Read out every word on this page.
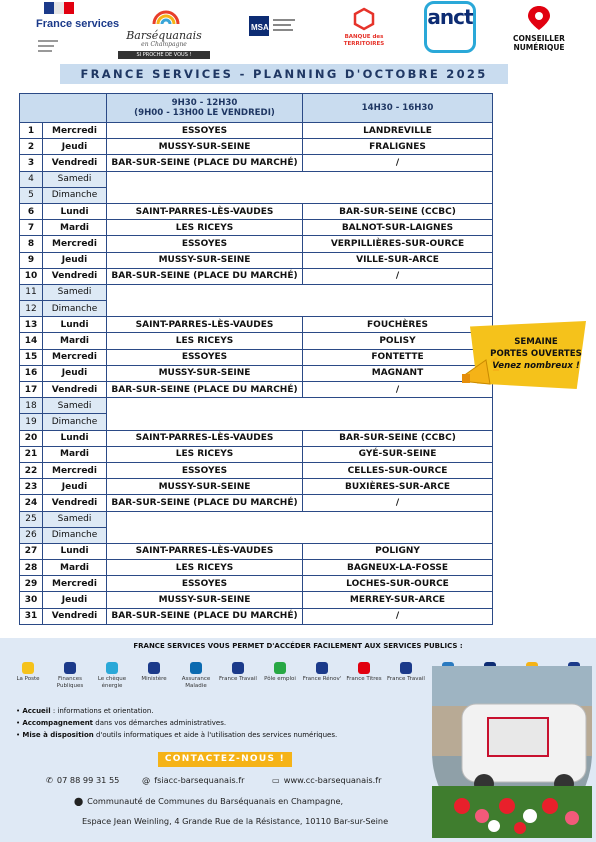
France services
Barséquanais
en Champagne
SI PROCHE DE VOUS !
MSA
BANQUE des TERRITOIRES
anct
CONSEILLER NUMÉRIQUE
FRANCE SERVICES - PLANNING D'OCTOBRE 2025
		9H30 - 12H30
(9H00 - 13H00 LE VENDREDI)	14H30 - 16H30
1	Mercredi	ESSOYES	LANDREVILLE
2	Jeudi	MUSSY-SUR-SEINE	FRALIGNES
3	Vendredi	BAR-SUR-SEINE (PLACE DU MARCHÉ)	/
4	Samedi		
5	Dimanche		
6	Lundi	SAINT-PARRES-LÈS-VAUDES	BAR-SUR-SEINE (CCBC)
7	Mardi	LES RICEYS	BALNOT-SUR-LAIGNES
8	Mercredi	ESSOYES	VERPILLIÈRES-SUR-OURCE
9	Jeudi	MUSSY-SUR-SEINE	VILLE-SUR-ARCE
10	Vendredi	BAR-SUR-SEINE (PLACE DU MARCHÉ)	/
11	Samedi		
12	Dimanche		
13	Lundi	SAINT-PARRES-LÈS-VAUDES	FOUCHÈRES
14	Mardi	LES RICEYS	POLISY
15	Mercredi	ESSOYES	FONTETTE
16	Jeudi	MUSSY-SUR-SEINE	MAGNANT
17	Vendredi	BAR-SUR-SEINE (PLACE DU MARCHÉ)	/
18	Samedi		
19	Dimanche		
20	Lundi	SAINT-PARRES-LÈS-VAUDES	BAR-SUR-SEINE (CCBC)
21	Mardi	LES RICEYS	GYÉ-SUR-SEINE
22	Mercredi	ESSOYES	CELLES-SUR-OURCE
23	Jeudi	MUSSY-SUR-SEINE	BUXIÈRES-SUR-ARCE
24	Vendredi	BAR-SUR-SEINE (PLACE DU MARCHÉ)	/
25	Samedi		
26	Dimanche		
27	Lundi	SAINT-PARRES-LÈS-VAUDES	POLIGNY
28	Mardi	LES RICEYS	BAGNEUX-LA-FOSSE
29	Mercredi	ESSOYES	LOCHES-SUR-OURCE
30	Jeudi	MUSSY-SUR-SEINE	MERREY-SUR-ARCE
31	Vendredi	BAR-SUR-SEINE (PLACE DU MARCHÉ)	/
SEMAINE
PORTES OUVERTES
Venez nombreux !
FRANCE SERVICES VOUS PERMET D'ACCÉDER FACILEMENT AUX SERVICES PUBLICS :
La Poste	Finances Publiques
Le chèque énergie
Ministère	Assurance Maladie
France Travail	Pôle emploi	France Rénov' France Titres France Travail
• Accueil : informations et orientation.
• Accompagnement dans vos démarches administratives.
• Mise à disposition d'outils informatiques et aide à l'utilisation des services numériques.
CONTACTEZ-NOUS !
✆ 07 88 99 31 55	@ fsiacc-barsequanais.fr	▭ www.cc-barsequanais.fr
⬤ Communauté de Communes du Barséquanais en Champagne,
Espace Jean Weinling, 4 Grande Rue de la Résistance, 10110 Bar-sur-Seine
